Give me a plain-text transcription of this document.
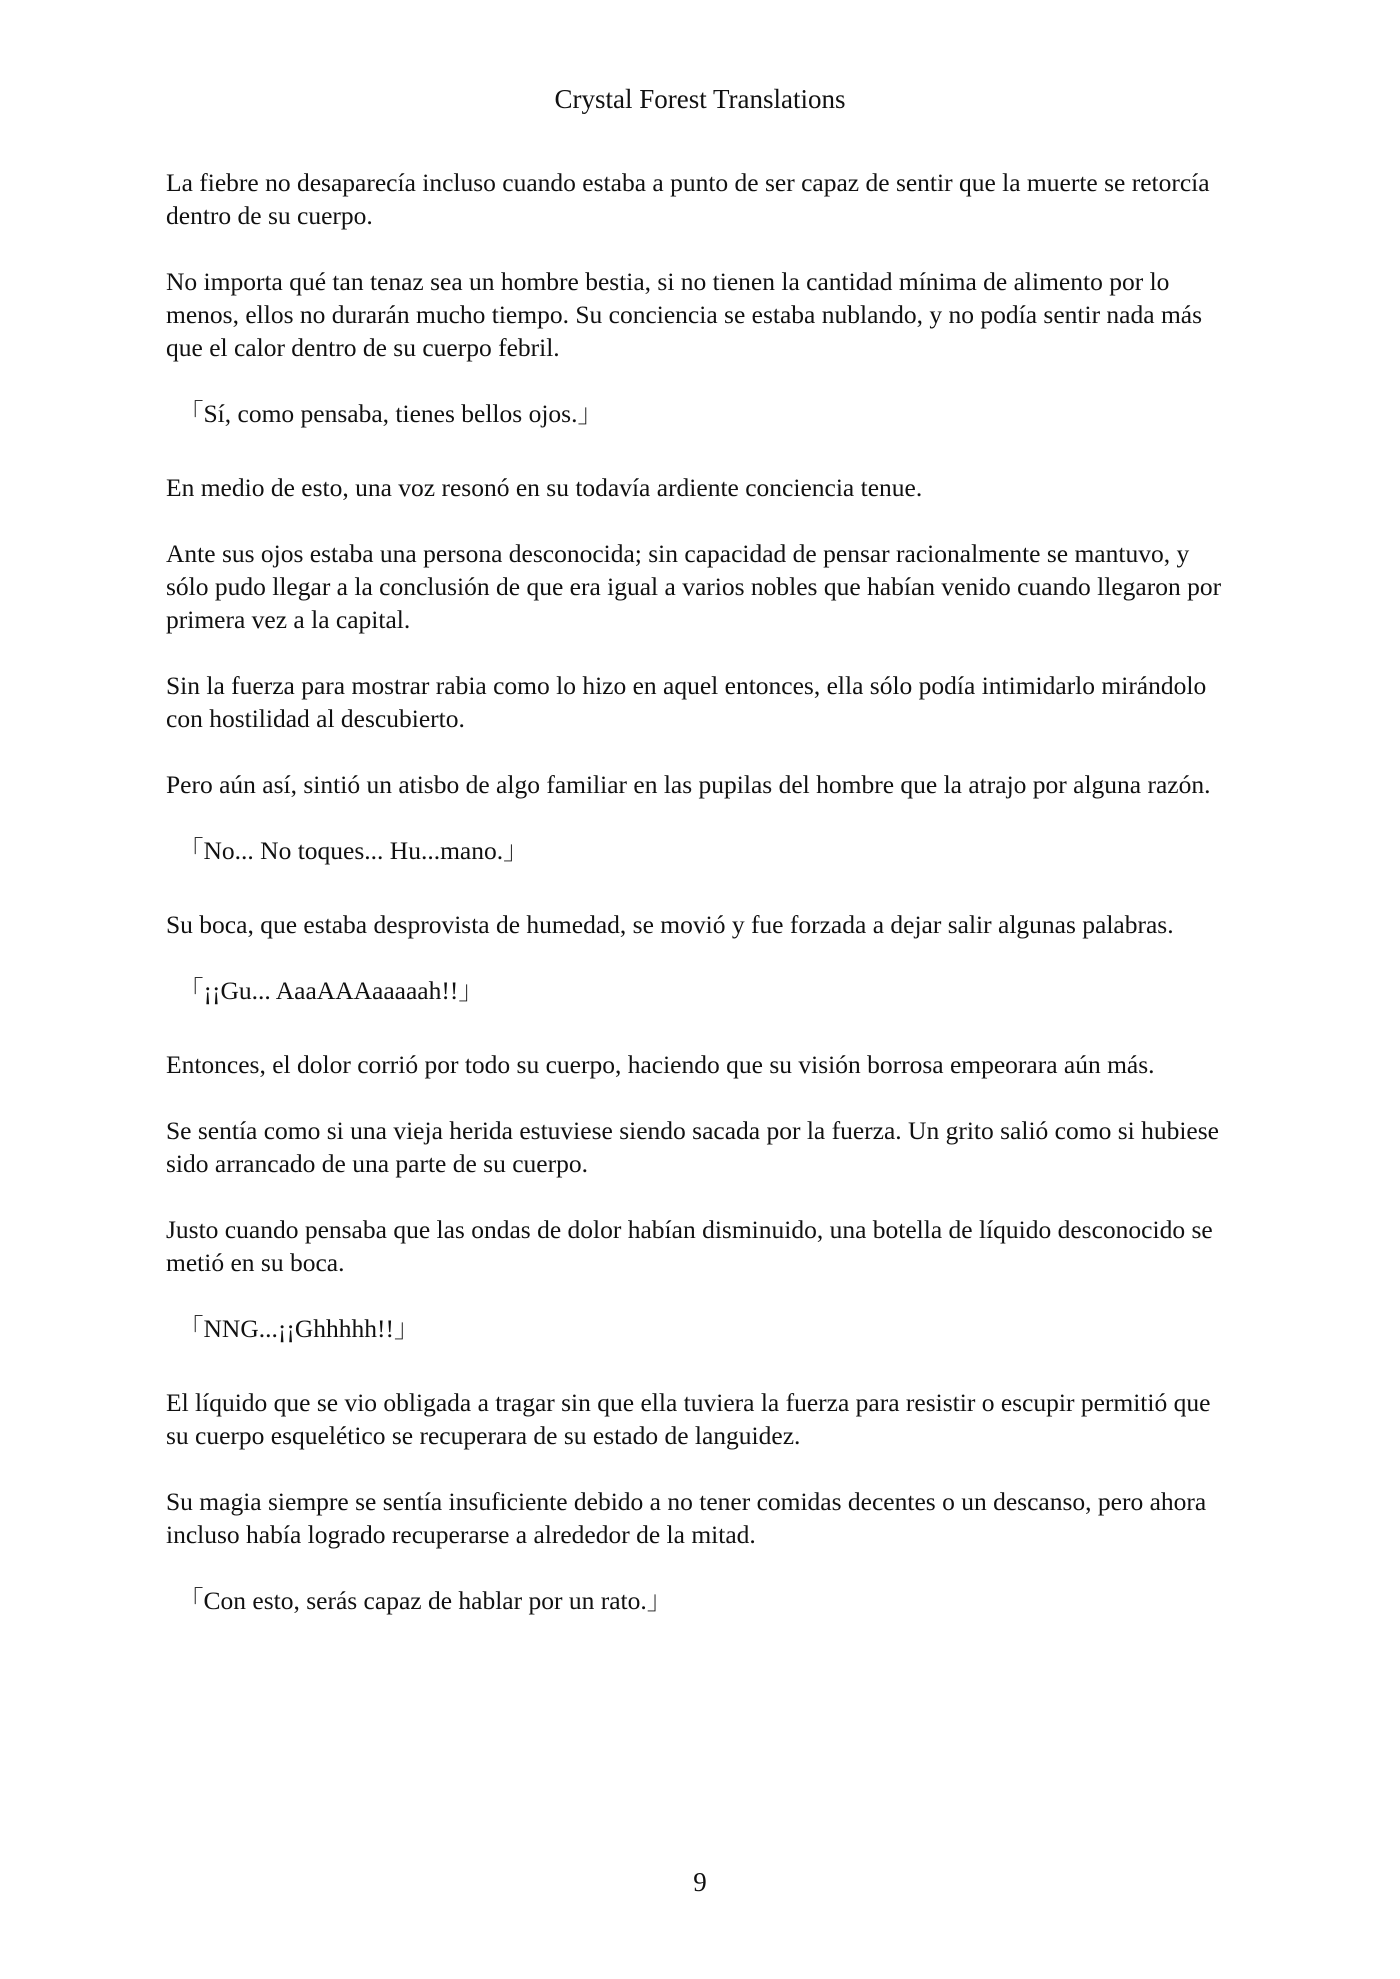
Crystal Forest Translations

La fiebre no desaparecía incluso cuando estaba a punto de ser capaz de sentir que la muerte se retorcía dentro de su cuerpo.

No importa qué tan tenaz sea un hombre bestia, si no tienen la cantidad mínima de alimento por lo menos, ellos no durarán mucho tiempo. Su conciencia se estaba nublando, y no podía sentir nada más que el calor dentro de su cuerpo febril.

「Sí, como pensaba, tienes bellos ojos.」

En medio de esto, una voz resonó en su todavía ardiente conciencia tenue.

Ante sus ojos estaba una persona desconocida; sin capacidad de pensar racionalmente se mantuvo, y sólo pudo llegar a la conclusión de que era igual a varios nobles que habían venido cuando llegaron por primera vez a la capital.

Sin la fuerza para mostrar rabia como lo hizo en aquel entonces, ella sólo podía intimidarlo mirándolo con hostilidad al descubierto.

Pero aún así, sintió un atisbo de algo familiar en las pupilas del hombre que la atrajo por alguna razón.

「No... No toques... Hu...mano.」

Su boca, que estaba desprovista de humedad, se movió y fue forzada a dejar salir algunas palabras.

「¡¡Gu... AaaAAAaaaaah!!」

Entonces, el dolor corrió por todo su cuerpo, haciendo que su visión borrosa empeorara aún más.

Se sentía como si una vieja herida estuviese siendo sacada por la fuerza. Un grito salió como si hubiese sido arrancado de una parte de su cuerpo.

Justo cuando pensaba que las ondas de dolor habían disminuido, una botella de líquido desconocido se metió en su boca.

「NNG...¡¡Ghhhhh!!」

El líquido que se vio obligada a tragar sin que ella tuviera la fuerza para resistir o escupir permitió que su cuerpo esquelético se recuperara de su estado de languidez.

Su magia siempre se sentía insuficiente debido a no tener comidas decentes o un descanso, pero ahora incluso había logrado recuperarse a alrededor de la mitad.

「Con esto, serás capaz de hablar por un rato.」

9
